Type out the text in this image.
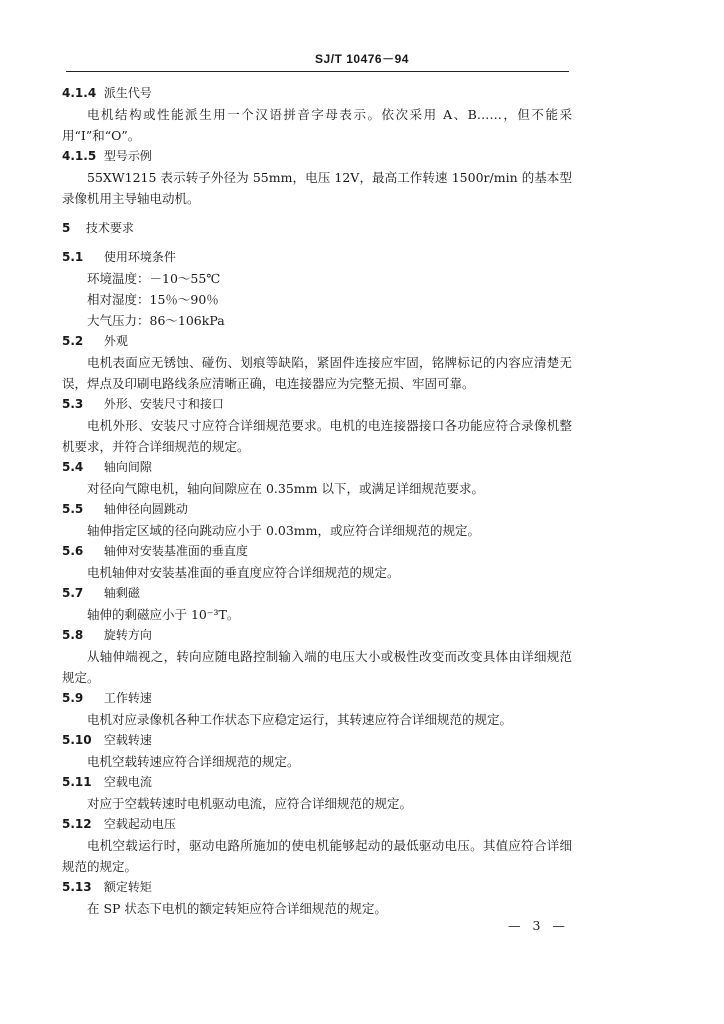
SJ/T 10476－94
4.1.4 派生代号
电机结构或性能派生用一个汉语拼音字母表示。依次采用 A、B……，但不能采用“I”和“O”。
4.1.5 型号示例
55XW1215 表示转子外径为 55mm，电压 12V，最高工作转速 1500r/min 的基本型录像机用主导轴电动机。
5 技术要求
5.1 使用环境条件
环境温度：－10～55℃
相对湿度：15％～90％
大气压力：86～106kPa
5.2 外观
电机表面应无锈蚀、碰伤、划痕等缺陷，紧固件连接应牢固，铭牌标记的内容应清楚无误，焊点及印刷电路线条应清晰正确，电连接器应为完整无损、牢固可靠。
5.3 外形、安装尺寸和接口
电机外形、安装尺寸应符合详细规范要求。电机的电连接器接口各功能应符合录像机整机要求，并符合详细规范的规定。
5.4 轴向间隙
对径向气隙电机，轴向间隙应在 0.35mm 以下，或满足详细规范要求。
5.5 轴伸径向圆跳动
轴伸指定区域的径向跳动应小于 0.03mm，或应符合详细规范的规定。
5.6 轴伸对安装基准面的垂直度
电机轴伸对安装基准面的垂直度应符合详细规范的规定。
5.7 轴剩磁
轴伸的剩磁应小于 10⁻³T。
5.8 旋转方向
从轴伸端视之，转向应随电路控制输入端的电压大小或极性改变而改变具体由详细规范规定。
5.9 工作转速
电机对应录像机各种工作状态下应稳定运行，其转速应符合详细规范的规定。
5.10 空载转速
电机空载转速应符合详细规范的规定。
5.11 空载电流
对应于空载转速时电机驱动电流，应符合详细规范的规定。
5.12 空载起动电压
电机空载运行时，驱动电路所施加的使电机能够起动的最低驱动电压。其值应符合详细规范的规定。
5.13 额定转矩
在 SP 状态下电机的额定转矩应符合详细规范的规定。
— 3 —
